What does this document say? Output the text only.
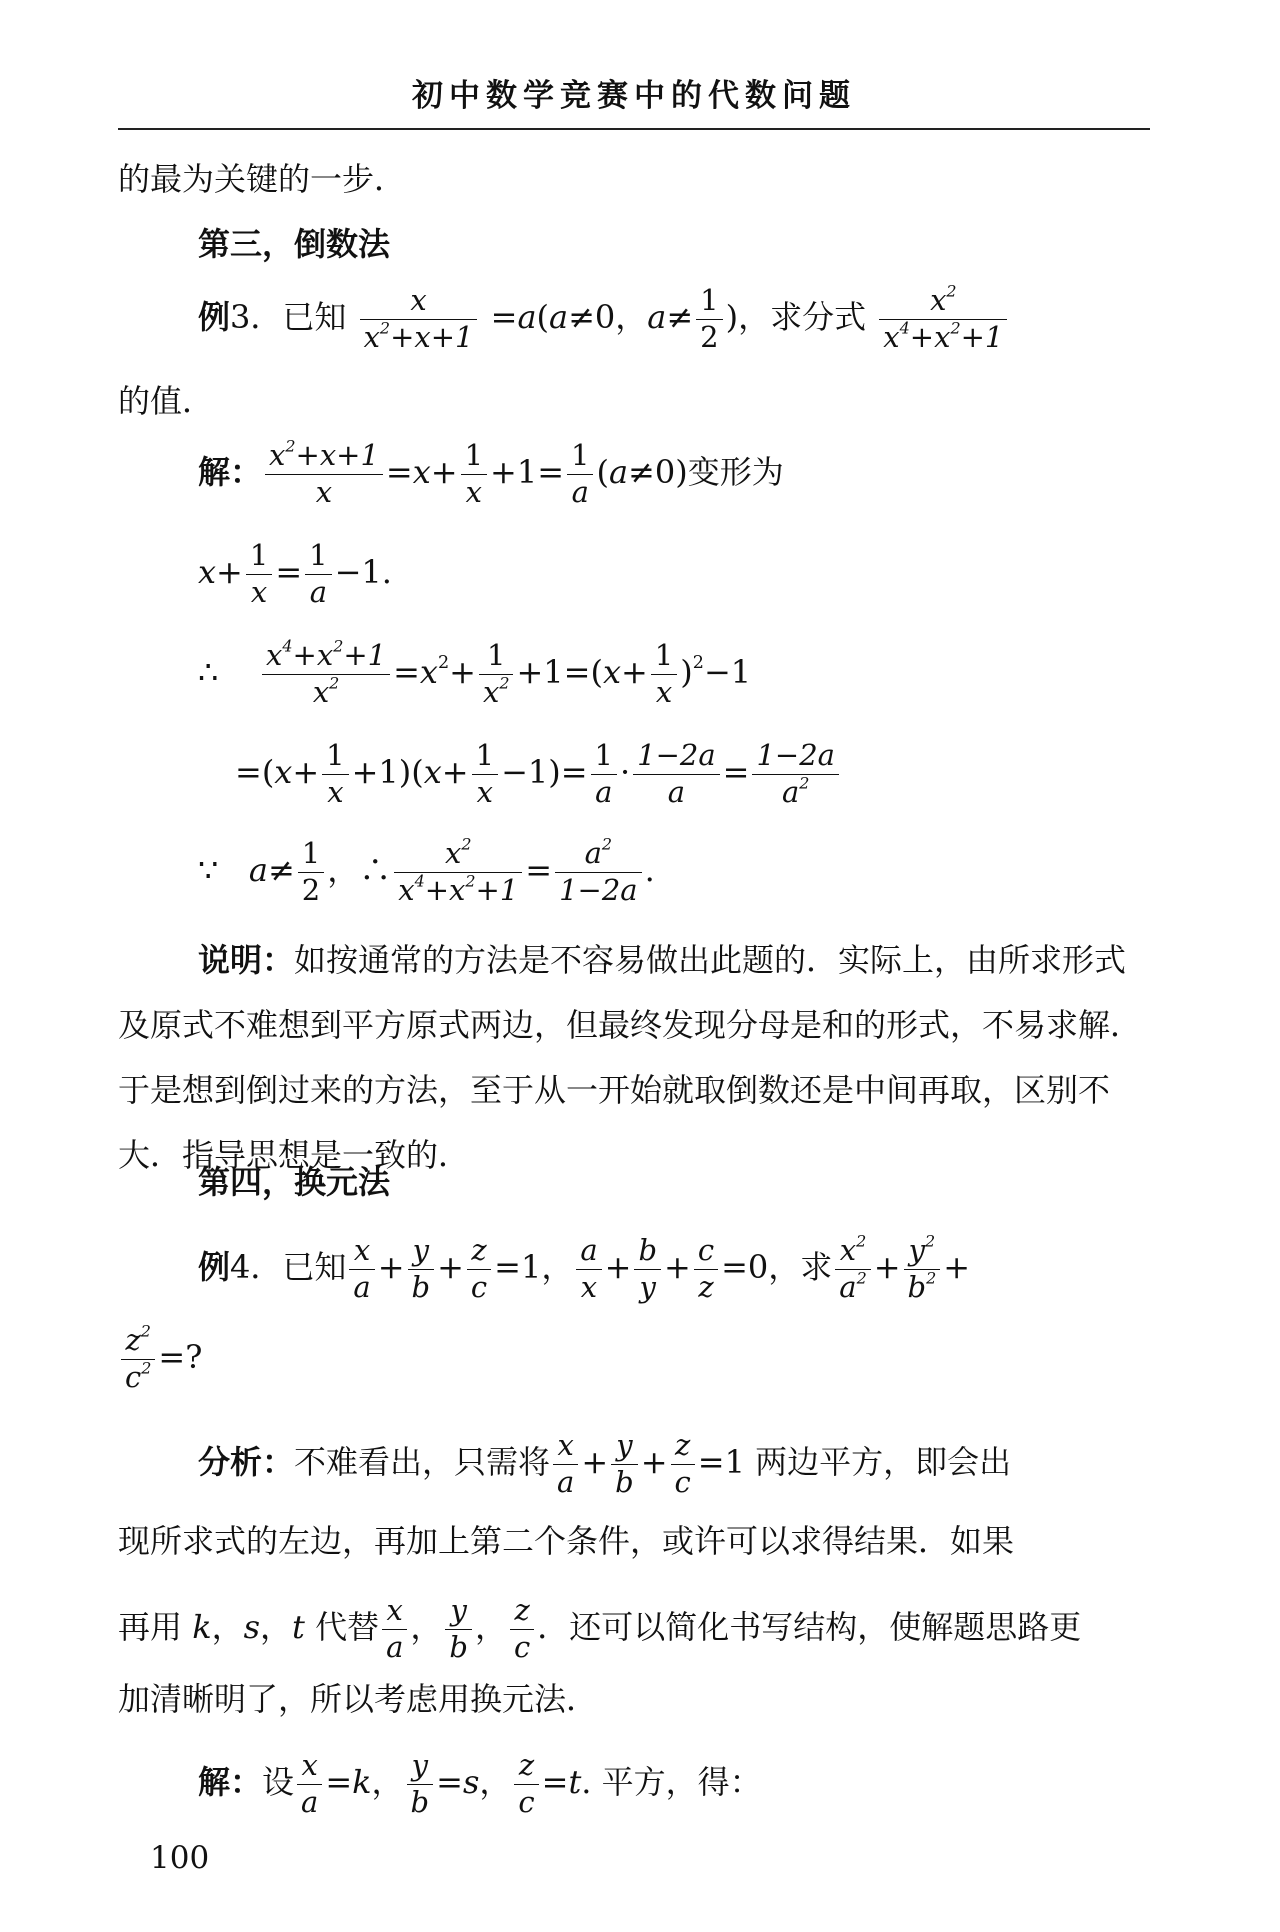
初中数学竞赛中的代数问题
的最为关键的一步．
第三，倒数法
例3．已知 $\frac{x}{x^2+x+1} =a(a\ne 0$，$a\ne \frac{1}{2}$ )，求分式 $\frac{x^2}{x^4+x^2+1}$
的值．
解： $\frac{x^2+x+1}{x} =x+ \frac{1}{x} +1= \frac{1}{a} (a\ne 0)$变形为
$x+ \frac{1}{x} = \frac{1}{a} -1$.
∴ $\frac{x^4+x^2+1}{x^2} =x^2+ \frac{1}{x^2} +1=(x+ \frac{1}{x} )^2-1$
$=(x+ \frac{1}{x} +1)(x+ \frac{1}{x} -1)= \frac{1}{a} \cdot \frac{1-2a}{a} = \frac{1-2a}{a^2}$
∵   $a\ne \frac{1}{2}$ ，∴ $\frac{x^2}{x^4+x^2+1} = \frac{a^2}{1-2a}$ .
说明：如按通常的方法是不容易做出此题的．实际上，由所求形式及原式不难想到平方原式两边，但最终发现分母是和的形式，不易求解．于是想到倒过来的方法，至于从一开始就取倒数还是中间再取，区别不大．指导思想是一致的．
第四，换元法
例4．已知 $\frac{x}{a} + \frac{y}{b} + \frac{z}{c} =1$， $\frac{a}{x} + \frac{b}{y} + \frac{c}{z} =0$，求 $\frac{x^2}{a^2} + \frac{y^2}{b^2}$ +
$\frac{z^2}{c^2}$ =?
分析：不难看出，只需将 $\frac{x}{a} + \frac{y}{b} + \frac{z}{c} =1$ 两边平方，即会出
现所求式的左边，再加上第二个条件，或许可以求得结果．如果
再用 k，s，t 代替 $\frac{x}{a}$ ， $\frac{y}{b}$ ， $\frac{z}{c}$ ．还可以简化书写结构，使解题思路更
加清晰明了，所以考虑用换元法．
解：设 $\frac{x}{a} =k$， $\frac{y}{b} =s$， $\frac{z}{c} =t$. 平方，得：
100
